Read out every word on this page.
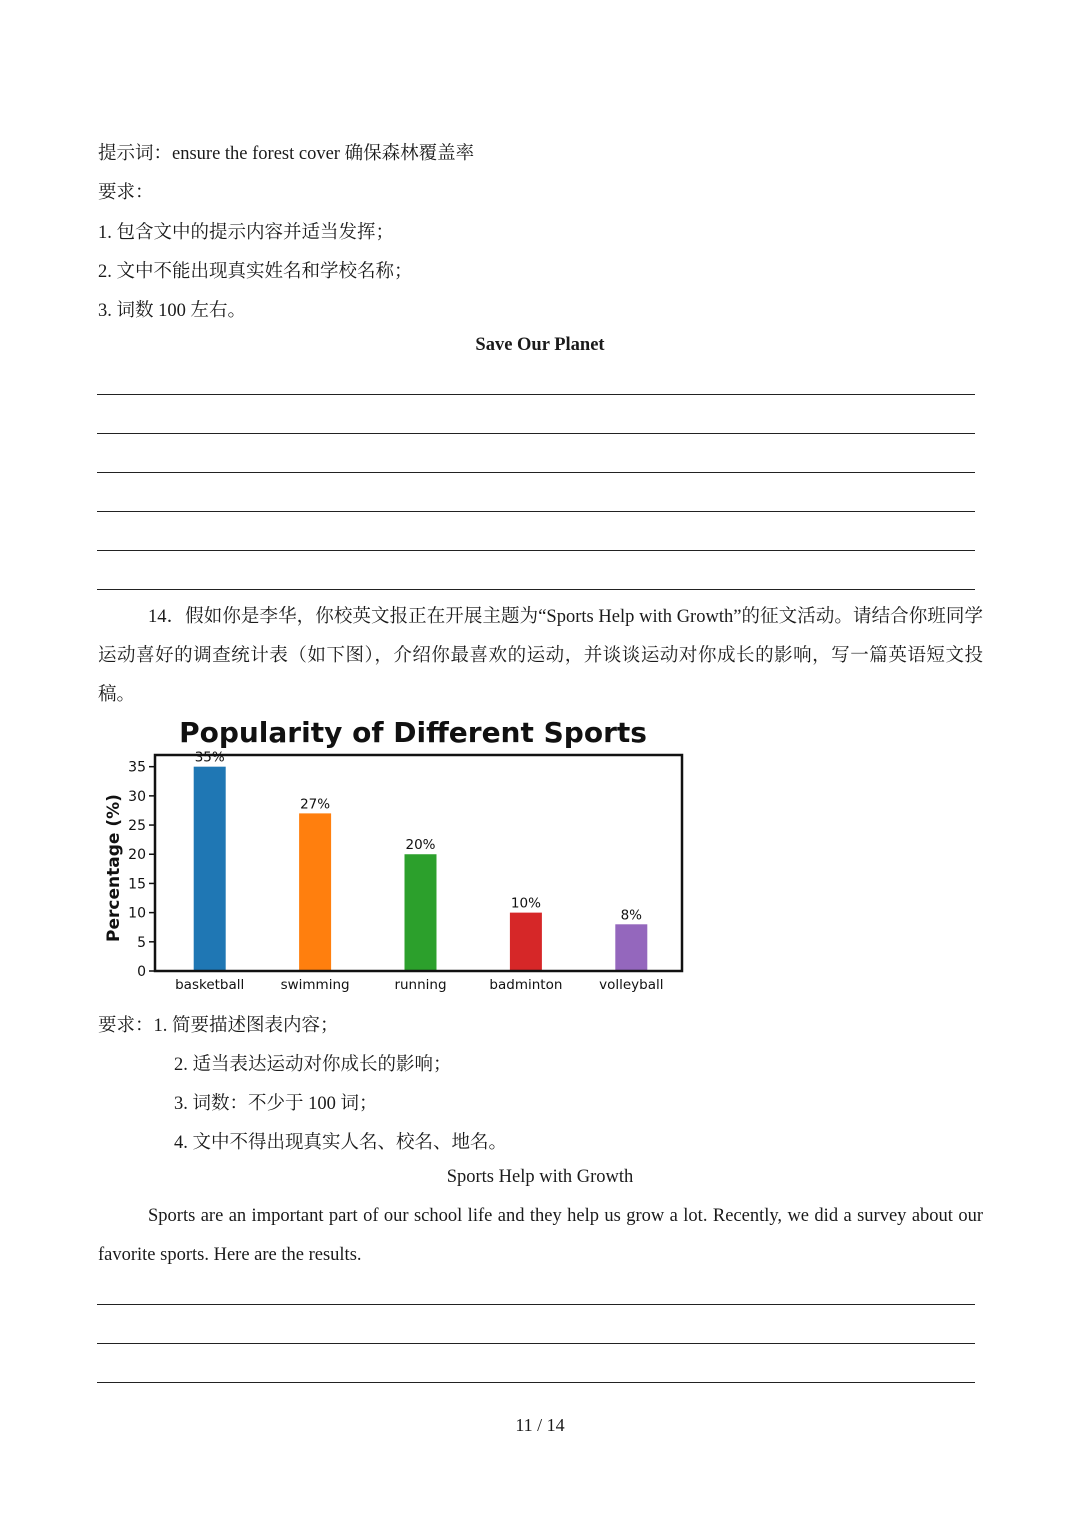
提示词：ensure the forest cover 确保森林覆盖率
要求：
1. 包含文中的提示内容并适当发挥；
2. 文中不能出现真实姓名和学校名称；
3. 词数 100 左右。
Save Our Planet
14．假如你是李华，你校英文报正在开展主题为“Sports Help with Growth”的征文活动。请结合你班同学运动喜好的调查统计表（如下图），介绍你最喜欢的运动，并谈谈运动对你成长的影响，写一篇英语短文投稿。
Popularity of Different Sports
Percentage (%)
0
5
10
15
20
25
30
35
35%
basketball
27%
swimming
20%
running
10%
badminton
8%
volleyball
要求：1. 简要描述图表内容；
2. 适当表达运动对你成长的影响；
3. 词数：不少于 100 词；
4. 文中不得出现真实人名、校名、地名。
Sports Help with Growth
Sports are an important part of our school life and they help us grow a lot. Recently, we did a survey about our favorite sports. Here are the results.
11 / 14
